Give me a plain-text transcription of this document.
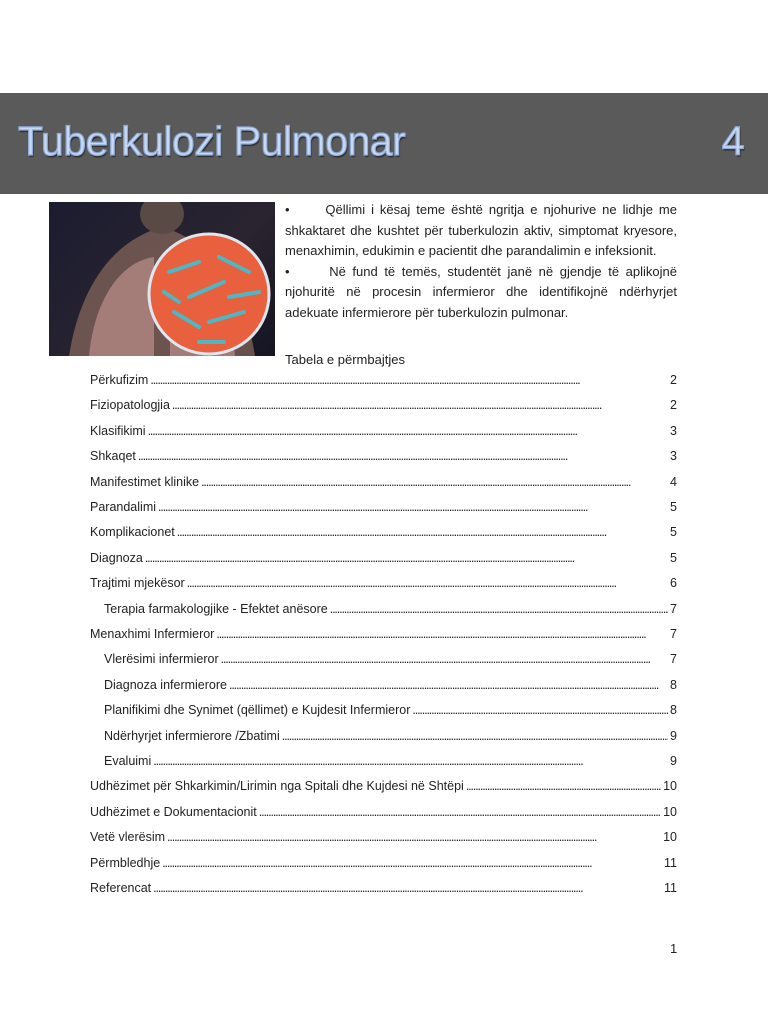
Tuberkulozi Pulmonar	4

•      Qëllimi i kësaj teme është ngritja e njohurive ne lidhje me shkaktaret dhe kushtet për tuberkulozin aktiv, simptomat kryesore, menaxhimin, edukimin e pacientit dhe parandalimin e infeksionit.

•      Në fund të temës, studentët janë në gjendje të aplikojnë njohuritë në procesin infermieror dhe identifikojnë ndërhyrjet adekuate infermierore për tuberkulozin pulmonar.

Tabela e përmbajtjes
Përkufizim . . .	2
Fiziopatologjia . . .	2
Klasifikimi . . .	3
Shkaqet . . .	3
Manifestimet klinike . . .	4
Parandalimi . . .	5
Komplikacionet . . .	5
Diagnoza . . .	5
Trajtimi mjekësor . . .	6
Terapia farmakologjike - Efektet anësore . . .	7
Menaxhimi Infermieror . . .	7
Vlerësimi infermieror . . .	7
Diagnoza infermierore . . .	8
Planifikimi dhe Synimet (qëllimet) e Kujdesit Infermieror . . .	8
Ndërhyrjet infermierore /Zbatimi . . .	9
Evaluimi . . .	9
Udhëzimet për Shkarkimin/Lirimin nga Spitali dhe Kujdesi në Shtëpi . . .	10
Udhëzimet e Dokumentacionit . . .	10
Vetë vlerësim . . .	10
Përmbledhje . . .	11
Referencat . . .	11
1
